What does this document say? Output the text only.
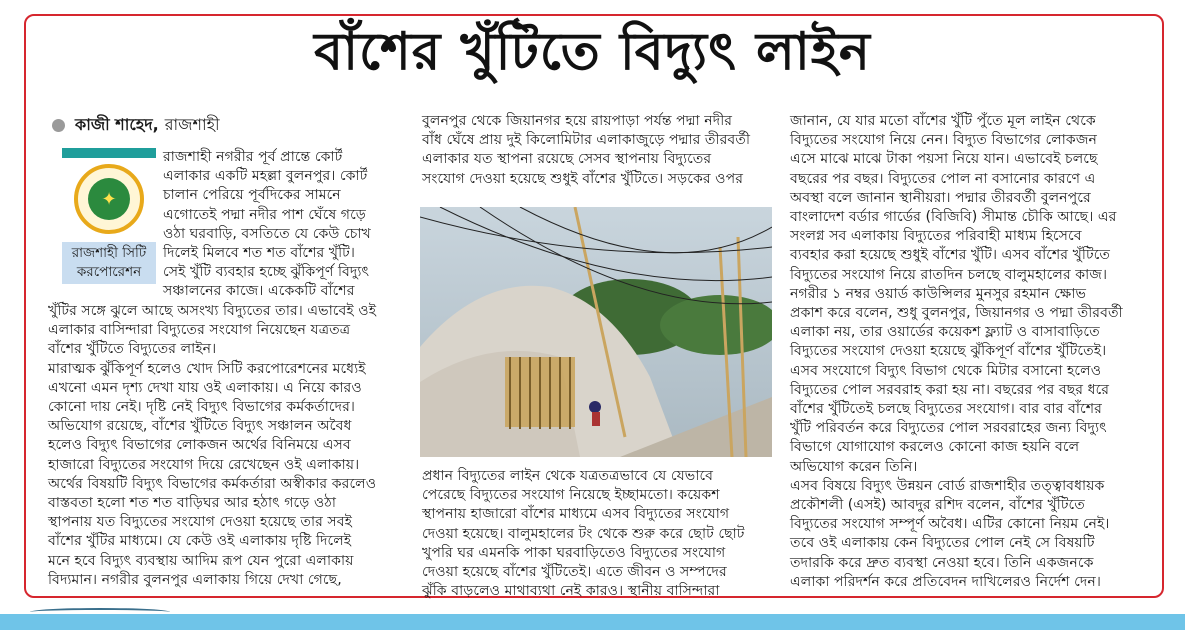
বাঁশের খুঁটিতে বিদ্যুৎ লাইন
কাজী শাহেদ, রাজশাহী
✦
রাজশাহী সিটি
করপোরেশন

রাজশাহী নগরীর পূর্ব প্রান্তে কোর্ট

এলাকার একটি মহল্লা বুলনপুর। কোর্ট

চালান পেরিয়ে পূর্বদিকের সামনে

এগোতেই পদ্মা নদীর পাশ ঘেঁষে গড়ে

ওঠা ঘরবাড়ি, বসতিতে যে কেউ চোখ

দিলেই মিলবে শত শত বাঁশের খুঁটি।

সেই খুঁটি ব্যবহার হচ্ছে ঝুঁকিপূর্ণ বিদ্যুৎ

সঞ্চালনের কাজে। একেকটি বাঁশের

খুঁটির সঙ্গে ঝুলে আছে অসংখ্য বিদ্যুতের তার। এভাবেই ওই

এলাকার বাসিন্দারা বিদ্যুতের সংযোগ নিয়েছেন যত্রতত্র

বাঁশের খুঁটিতে বিদ্যুতের লাইন।

মারাত্মক ঝুঁকিপূর্ণ হলেও খোদ সিটি করপোরেশনের মধ্যেই

এখনো এমন দৃশ্য দেখা যায় ওই এলাকায়। এ নিয়ে কারও

কোনো দায় নেই। দৃষ্টি নেই বিদ্যুৎ বিভাগের কর্মকর্তাদের।

অভিযোগ রয়েছে, বাঁশের খুঁটিতে বিদ্যুৎ সঞ্চালন অবৈধ

হলেও বিদ্যুৎ বিভাগের লোকজন অর্থের বিনিময়ে এসব

হাজারো বিদ্যুতের সংযোগ দিয়ে রেখেছেন ওই এলাকায়।

অর্থের বিষয়টি বিদ্যুৎ বিভাগের কর্মকর্তারা অস্বীকার করলেও

বাস্তবতা হলো শত শত বাড়িঘর আর হঠাৎ গড়ে ওঠা

স্থাপনায় যত বিদ্যুতের সংযোগ দেওয়া হয়েছে তার সবই

বাঁশের খুঁটির মাধ্যমে। যে কেউ ওই এলাকায় দৃষ্টি দিলেই

মনে হবে বিদ্যুৎ ব্যবস্থায় আদিম রূপ যেন পুরো এলাকায়

বিদ্যমান। নগরীর বুলনপুর এলাকায় গিয়ে দেখা গেছে,

বুলনপুর থেকে জিয়ানগর হয়ে রায়পাড়া পর্যন্ত পদ্মা নদীর

বাঁধ ঘেঁষে প্রায় দুই কিলোমিটার এলাকাজুড়ে পদ্মার তীরবর্তী

এলাকার যত স্থাপনা রয়েছে সেসব স্থাপনায় বিদ্যুতের

সংযোগ দেওয়া হয়েছে শুধুই বাঁশের খুঁটিতে। সড়কের ওপর

প্রধান বিদ্যুতের লাইন থেকে যত্রতত্রভাবে যে যেভাবে

পেরেছে বিদ্যুতের সংযোগ নিয়েছে ইচ্ছামতো। কয়েকশ

স্থাপনায় হাজারো বাঁশের মাধ্যমে এসব বিদ্যুতের সংযোগ

দেওয়া হয়েছে। বালুমহালের টং থেকে শুরু করে ছোট ছোট

খুপরি ঘর এমনকি পাকা ঘরবাড়িতেও বিদ্যুতের সংযোগ

দেওয়া হয়েছে বাঁশের খুঁটিতেই। এতে জীবন ও সম্পদের

ঝুঁকি বাড়লেও মাথাব্যথা নেই কারও। স্থানীয় বাসিন্দারা

জানান, যে যার মতো বাঁশের খুঁটি পুঁতে মূল লাইন থেকে

বিদ্যুতের সংযোগ নিয়ে নেন। বিদ্যুত বিভাগের লোকজন

এসে মাঝে মাঝে টাকা পয়সা নিয়ে যান। এভাবেই চলছে

বছরের পর বছর। বিদ্যুতের পোল না বসানোর কারণে এ

অবস্থা বলে জানান স্থানীয়রা। পদ্মার তীরবর্তী বুলনপুরে

বাংলাদেশ বর্ডার গার্ডের (বিজিবি) সীমান্ত চৌকি আছে। এর

সংলগ্ন সব এলাকায় বিদ্যুতের পরিবাহী মাধ্যম হিসেবে

ব্যবহার করা হয়েছে শুধুই বাঁশের খুঁটি। এসব বাঁশের খুঁটিতে

বিদ্যুতের সংযোগ নিয়ে রাতদিন চলছে বালুমহালের কাজ।

নগরীর ১ নম্বর ওয়ার্ড কাউন্সিলর মুনসুর রহমান ক্ষোভ

প্রকাশ করে বলেন, শুধু বুলনপুর, জিয়ানগর ও পদ্মা তীরবর্তী

এলাকা নয়, তার ওয়ার্ডের কয়েকশ ফ্ল্যাট ও বাসাবাড়িতে

বিদ্যুতের সংযোগ দেওয়া হয়েছে ঝুঁকিপূর্ণ বাঁশের খুঁটিতেই।

এসব সংযোগে বিদ্যুৎ বিভাগ থেকে মিটার বসানো হলেও

বিদ্যুতের পোল সরবরাহ করা হয় না। বছরের পর বছর ধরে

বাঁশের খুঁটিতেই চলছে বিদ্যুতের সংযোগ। বার বার বাঁশের

খুঁটি পরিবর্তন করে বিদ্যুতের পোল সরবরাহের জন্য বিদ্যুৎ

বিভাগে যোগাযোগ করলেও কোনো কাজ হয়নি বলে

অভিযোগ করেন তিনি।

এসব বিষয়ে বিদ্যুৎ উন্নয়ন বোর্ড রাজশাহীর তত্ত্বাবধায়ক

প্রকৌশলী (এসই) আবদুর রশিদ বলেন, বাঁশের খুঁটিতে

বিদ্যুতের সংযোগ সম্পূর্ণ অবৈধ। এটির কোনো নিয়ম নেই।

তবে ওই এলাকায় কেন বিদ্যুতের পোল নেই সে বিষয়টি

তদারকি করে দ্রুত ব্যবস্থা নেওয়া হবে। তিনি একজনকে

এলাকা পরিদর্শন করে প্রতিবেদন দাখিলেরও নির্দেশ দেন।
